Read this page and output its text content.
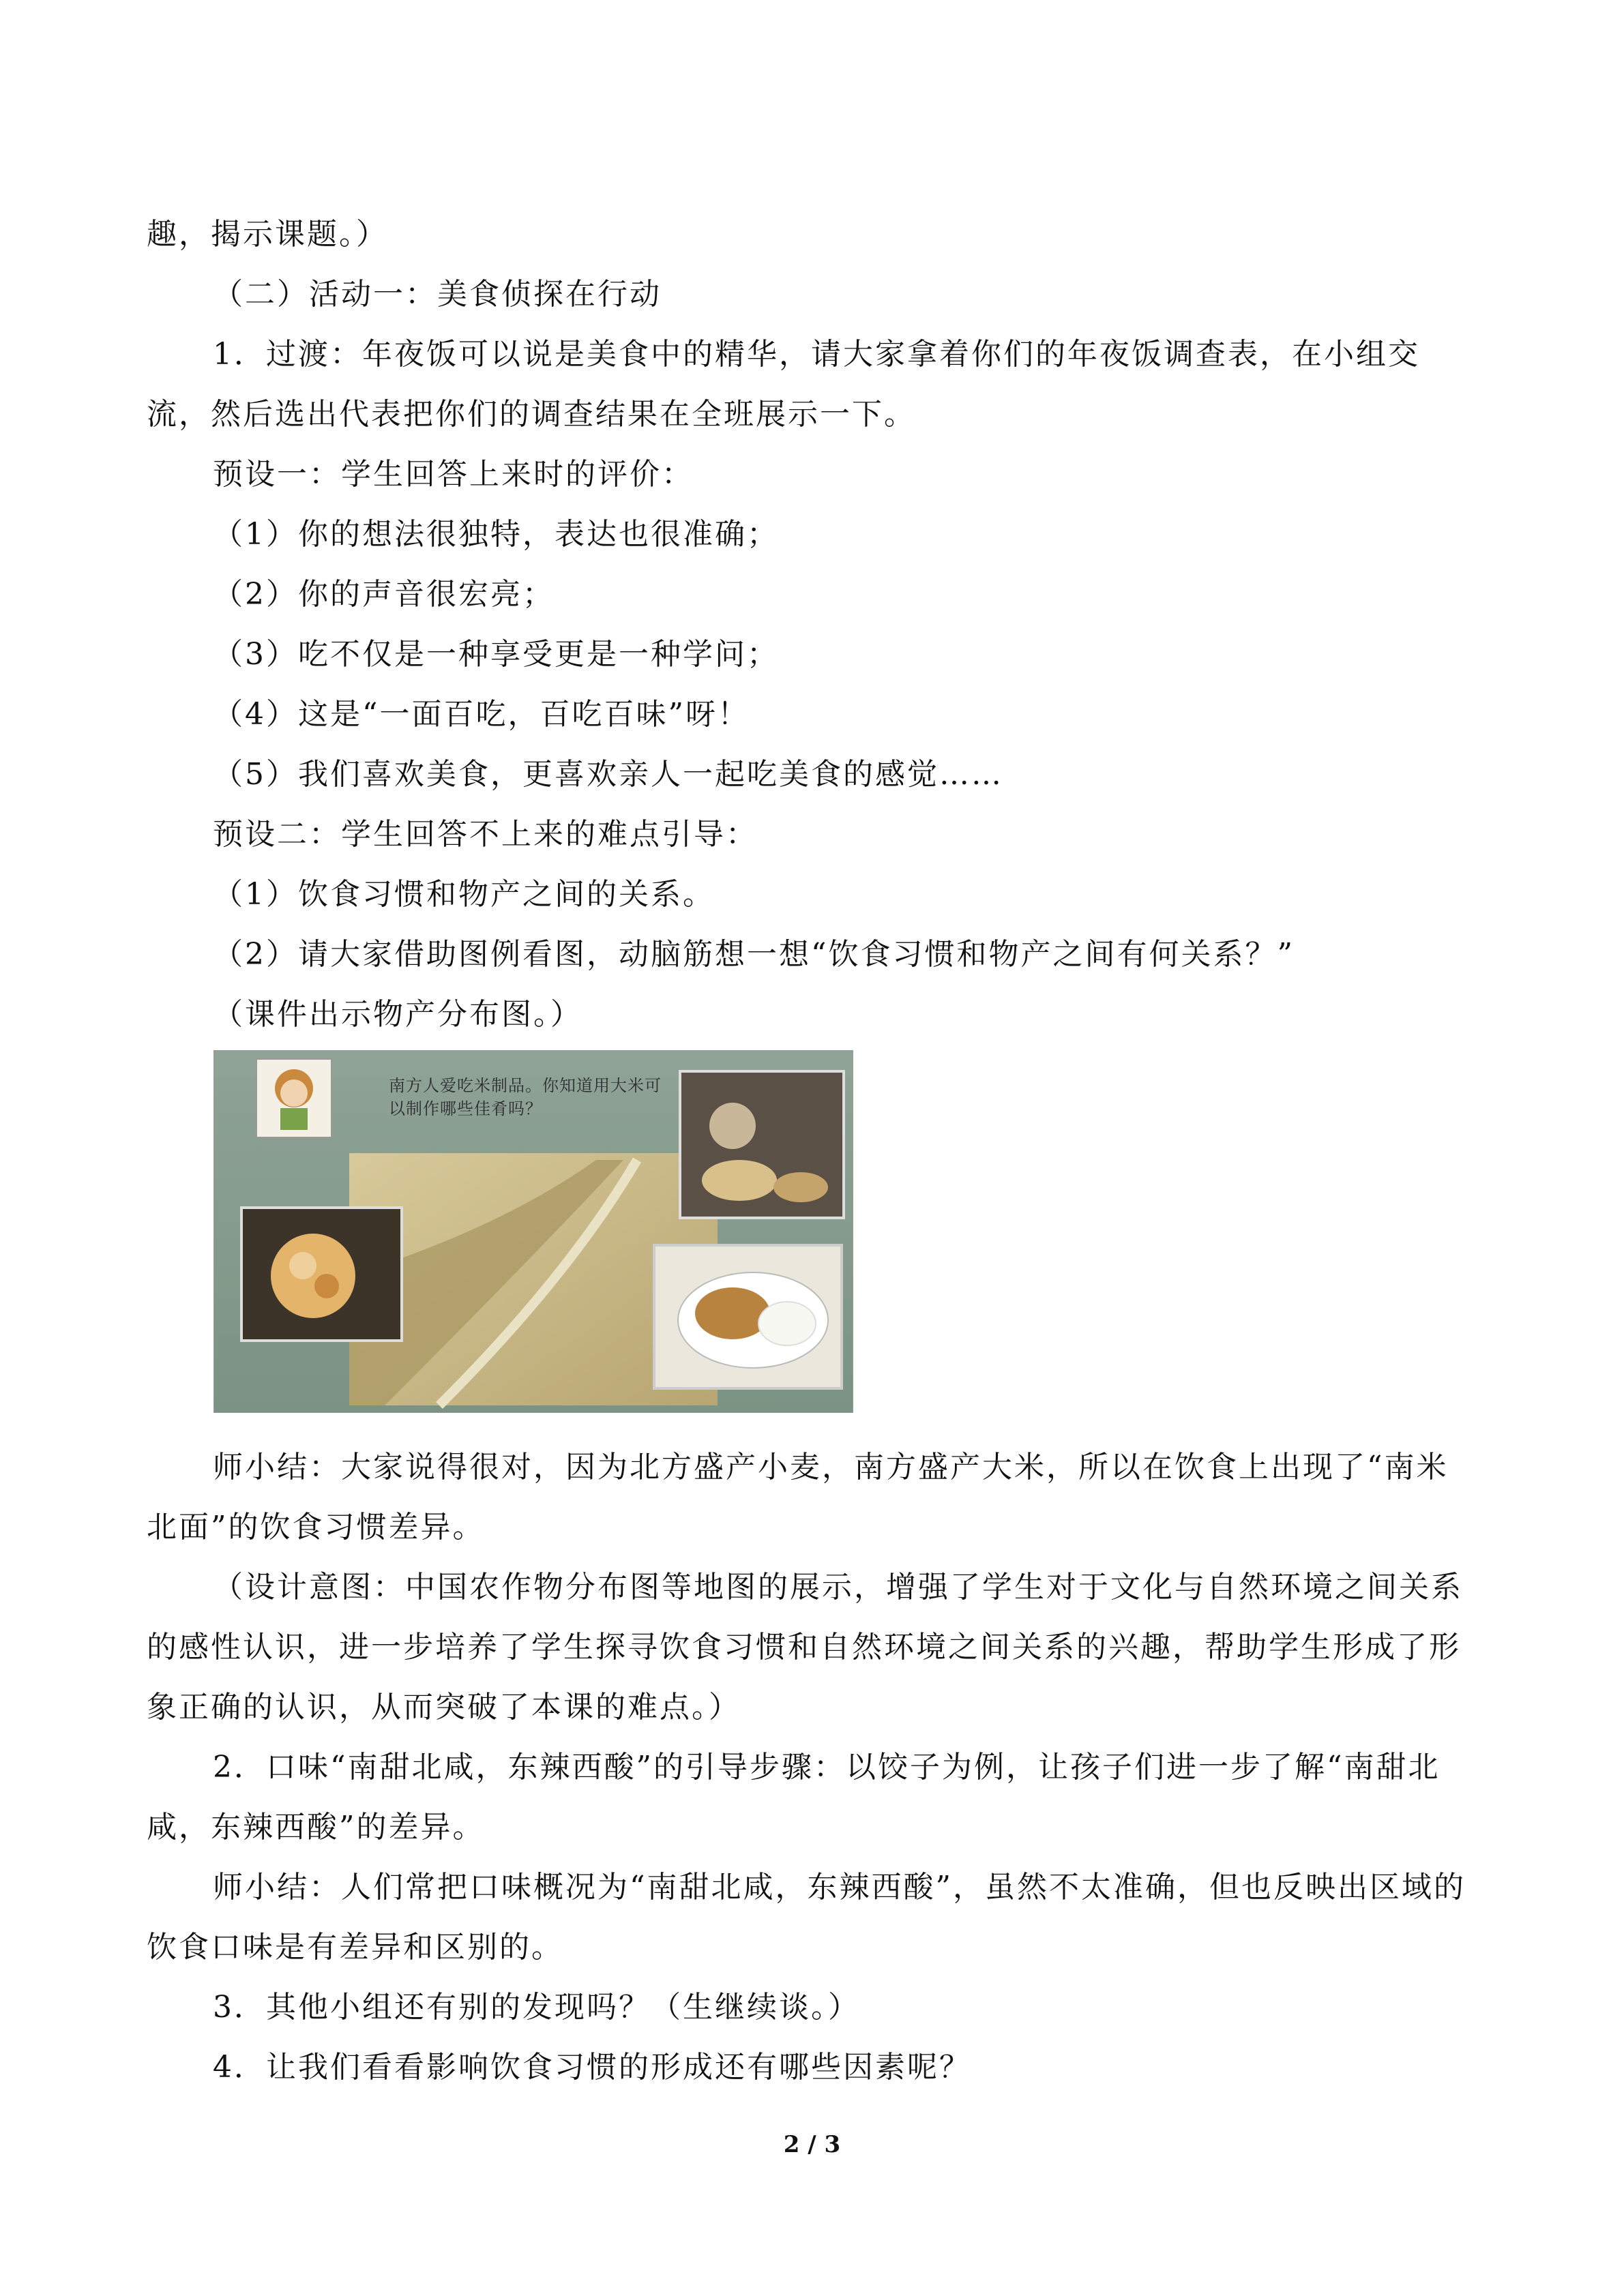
趣，揭示课题。）

（二）活动一：美食侦探在行动

1．过渡：年夜饭可以说是美食中的精华，请大家拿着你们的年夜饭调查表，在小组交流，然后选出代表把你们的调查结果在全班展示一下。

预设一：学生回答上来时的评价：

（1）你的想法很独特，表达也很准确；

（2）你的声音很宏亮；

（3）吃不仅是一种享受更是一种学问；

（4）这是“一面百吃，百吃百味”呀！

（5）我们喜欢美食，更喜欢亲人一起吃美食的感觉……

预设二：学生回答不上来的难点引导：

（1）饮食习惯和物产之间的关系。

（2）请大家借助图例看图，动脑筋想一想“饮食习惯和物产之间有何关系？”

（课件出示物产分布图。）

南方人爱吃米制品。你知道用大米可以制作哪些佳肴吗？

师小结：大家说得很对，因为北方盛产小麦，南方盛产大米，所以在饮食上出现了“南米北面”的饮食习惯差异。

（设计意图：中国农作物分布图等地图的展示，增强了学生对于文化与自然环境之间关系的感性认识，进一步培养了学生探寻饮食习惯和自然环境之间关系的兴趣，帮助学生形成了形象正确的认识，从而突破了本课的难点。）

2．口味“南甜北咸，东辣西酸”的引导步骤：以饺子为例，让孩子们进一步了解“南甜北咸，东辣西酸”的差异。

师小结：人们常把口味概况为“南甜北咸，东辣西酸”，虽然不太准确，但也反映出区域的饮食口味是有差异和区别的。

3．其他小组还有别的发现吗？（生继续谈。）

4．让我们看看影响饮食习惯的形成还有哪些因素呢？

2 / 3
